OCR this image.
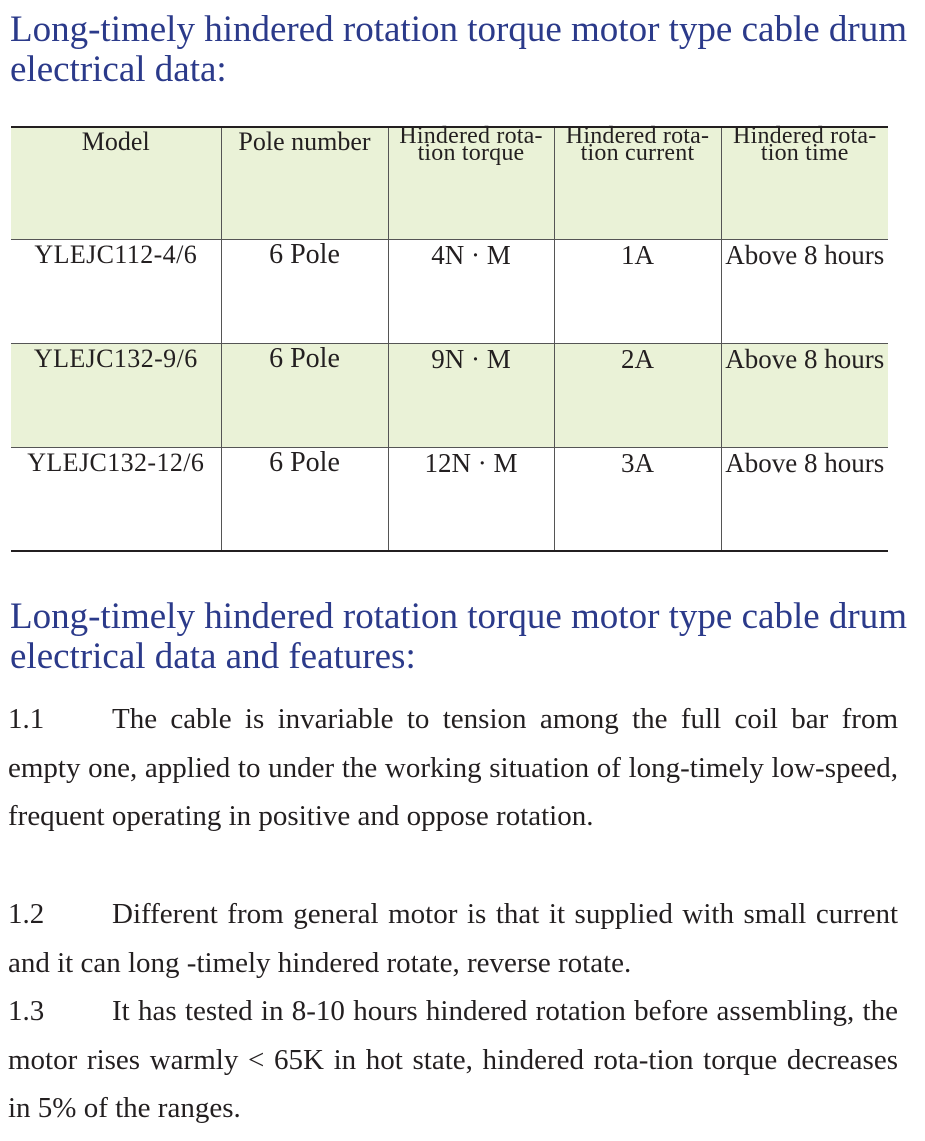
Long-timely hindered rotation torque motor type cable drum electrical data:
Model	Pole number	Hindered rota-tion torque	Hindered rota-tion current	Hindered rota-tion time
YLEJC112-4/6	6 Pole	4N · M	1A	Above 8 hours
YLEJC132-9/6	6 Pole	9N · M	2A	Above 8 hours
YLEJC132-12/6	6 Pole	12N · M	3A	Above 8 hours
Long-timely hindered rotation torque motor type cable drum electrical data and features:

1.1 The cable is invariable to tension among the full coil bar from empty one, applied to under the working situation of long-timely low-speed, frequent operating in positive and oppose rotation.

1.2 Different from general motor is that it supplied with small current and it can long -timely hindered rotate, reverse rotate.

1.3 It has tested in 8-10 hours hindered rotation before assembling, the motor rises warmly < 65K in hot state, hindered rota-tion torque decreases in 5% of the ranges.
